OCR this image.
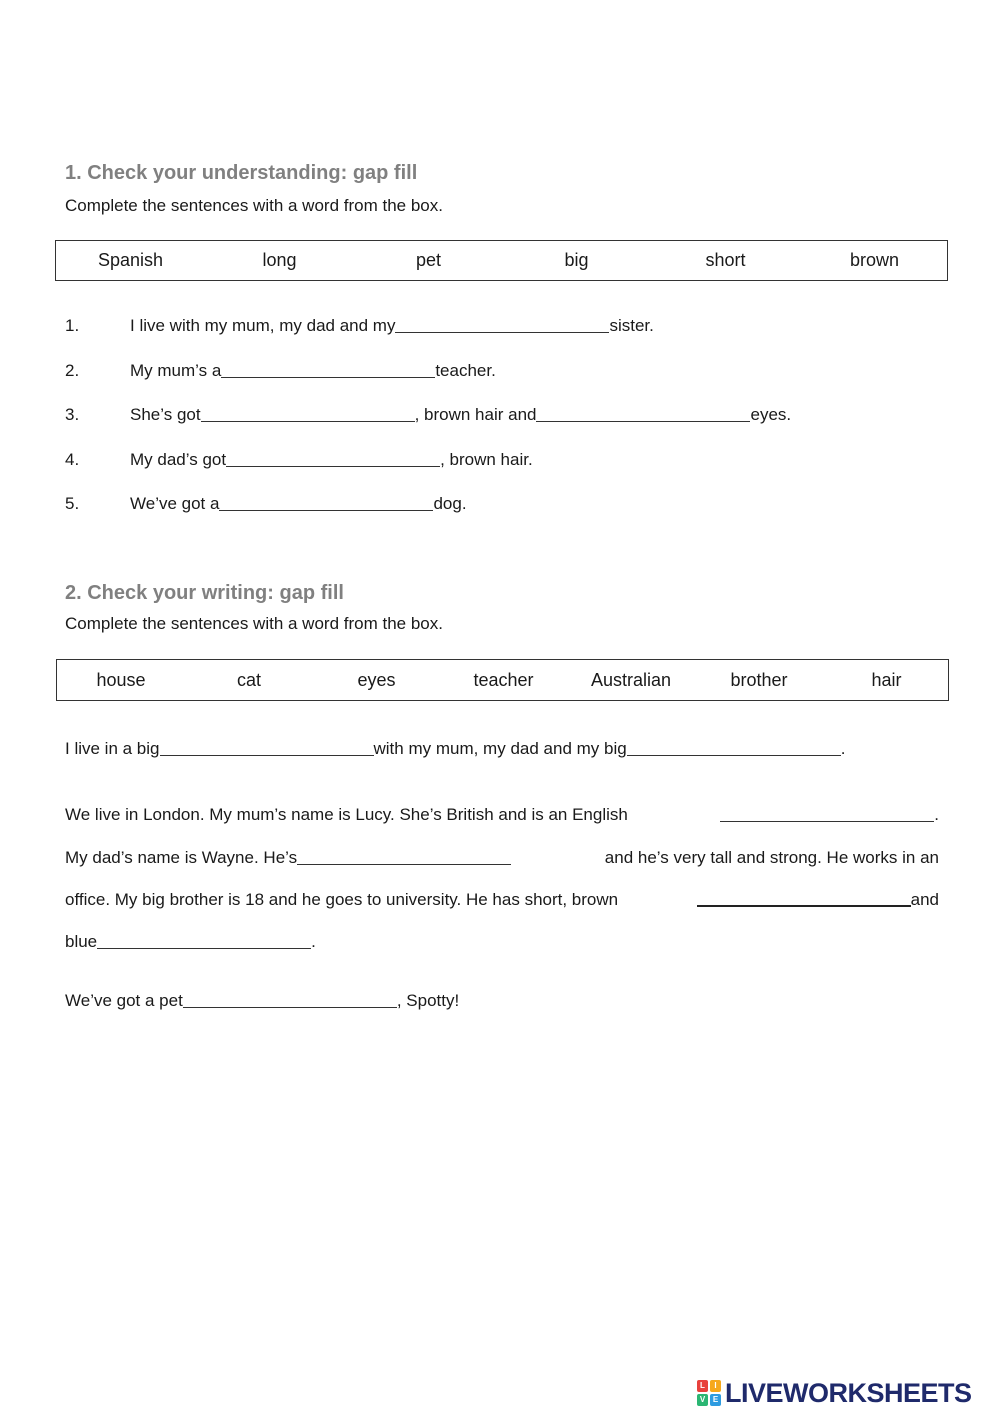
1. Check your understanding: gap fill
Complete the sentences with a word from the box.
Spanish	long	pet	big	short	brown
1.	I live with my mum, my dad and my	sister.
2.	My mum’s a	teacher.
3.	She’s got	, brown hair and	eyes.
4.	My dad’s got	, brown hair.
5.	We’ve got a	dog.
2. Check your writing: gap fill
Complete the sentences with a word from the box.
house	cat	eyes	teacher	Australian	brother	hair
I live in a big	with my mum, my dad and my big	.
We live in London. My mum’s name is Lucy. She’s British and is an English	.
My dad’s name is Wayne. He’s	and he’s very tall and strong. He works in an
office. My big brother is 18 and he goes to university. He has short, brown	and
blue	.
We’ve got a pet	, Spotty!
L	I
V E LIVEWORKSHEETS
